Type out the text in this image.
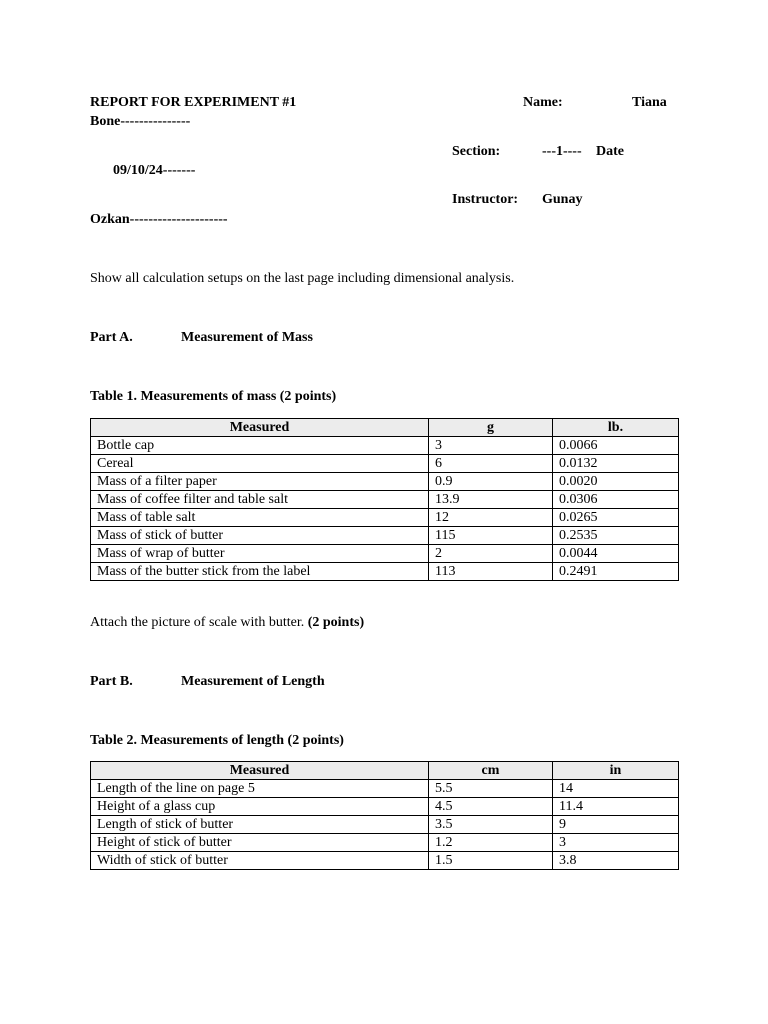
REPORT FOR EXPERIMENT #1	Name:	Tiana
Bone---------------
Section:	---1---- Date
09/10/24-------
Instructor: Gunay
Ozkan---------------------
Show all calculation setups on the last page including dimensional analysis.
Part A.	Measurement of Mass
Table 1. Measurements of mass (2 points)
Measured	g	lb.
Bottle cap	3	0.0066
Cereal	6	0.0132
Mass of a filter paper	0.9	0.0020
Mass of coffee filter and table salt	13.9	0.0306
Mass of table salt	12	0.0265
Mass of stick of butter	115	0.2535
Mass of wrap of butter	2	0.0044
Mass of the butter stick from the label	113	0.2491
Attach the picture of scale with butter. (2 points)
Part B.	Measurement of Length
Table 2. Measurements of length (2 points)
Measured	cm	in
Length of the line on page 5	5.5	14
Height of a glass cup	4.5	11.4
Length of stick of butter	3.5	9
Height of stick of butter	1.2	3
Width of stick of butter	1.5	3.8
